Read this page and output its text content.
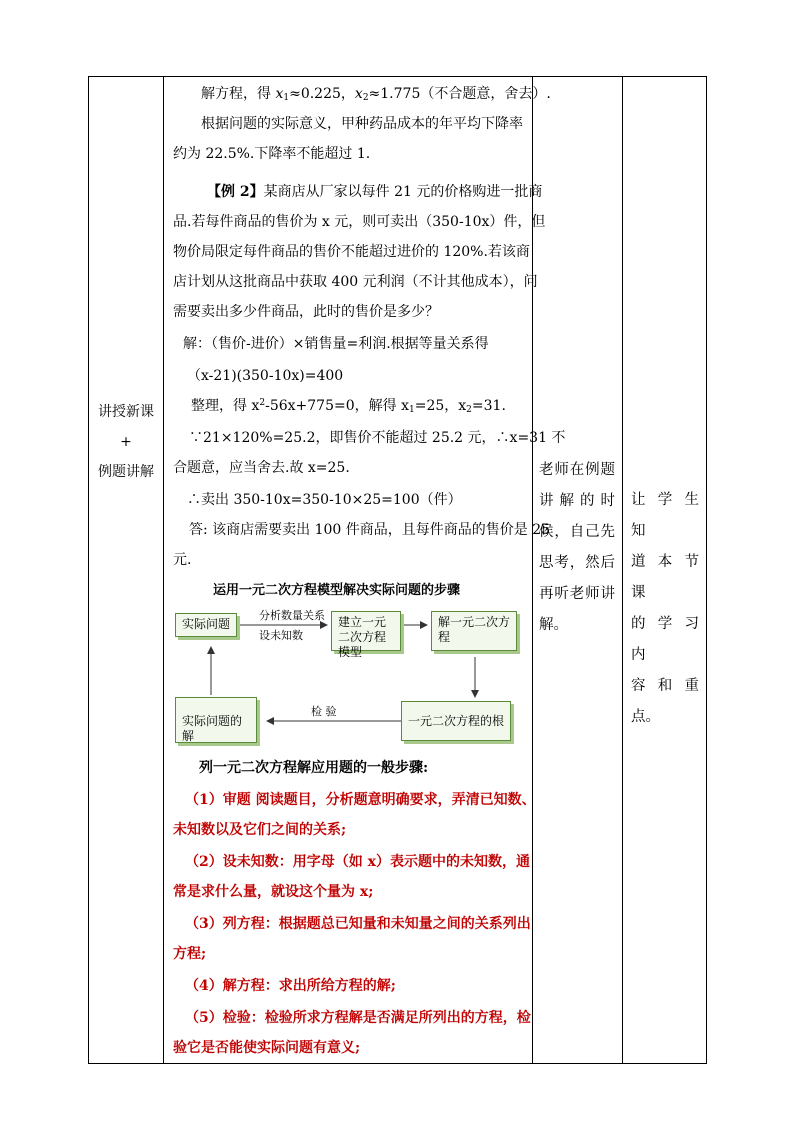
讲授新课
+
例题讲解
解方程，得 $x_1\approx 0.225$，$x_2\approx 1.775$（不合题意，舍去）.
根据问题的实际意义，甲种药品成本的年平均下降率
约为 22.5%.下降率不能超过 1.
【例 2】某商店从厂家以每件 21 元的价格购进一批商
品.若每件商品的售价为 x 元，则可卖出（350-10x）件，但
物价局限定每件商品的售价不能超过进价的 120%.若该商
店计划从这批商品中获取 400 元利润（不计其他成本），问
需要卖出多少件商品，此时的售价是多少？
解：（售价-进价）×销售量=利润.根据等量关系得
（x-21)(350-10x)=400
整理，得 $x^2-56x+775=0$，解得 $x_1=25$，$x_2=31$.
∵21×120%=25.2，即售价不能超过 25.2 元，∴x=31 不
合题意，应当舍去.故 x=25.
∴卖出 350-10x=350-10×25=100（件）
答: 该商店需要卖出 100 件商品，且每件商品的售价是 25
元.
运用一元二次方程模型解决实际问题的步骤
实际问题
分析数量关系
设未知数
建立一元二次方程模型
解一元二次方程
一元二次方程的根
检 验
实际问题的解
列一元二次方程解应用题的一般步骤:
（1）审题 阅读题目，分析题意明确要求，弄清已知数、
未知数以及它们之间的关系;
（2）设未知数：用字母（如 x）表示题中的未知数，通
常是求什么量，就设这个量为 x;
（3）列方程：根据题总已知量和未知量之间的关系列出
方程;
（4）解方程：求出所给方程的解;
（5）检验：检验所求方程解是否满足所列出的方程，检
验它是否能使实际问题有意义;
老师在例题讲解的时候，自己先思考，然后再听老师讲解。
让 学 生 知
道 本 节 课
的 学 习 内
容和重点。
